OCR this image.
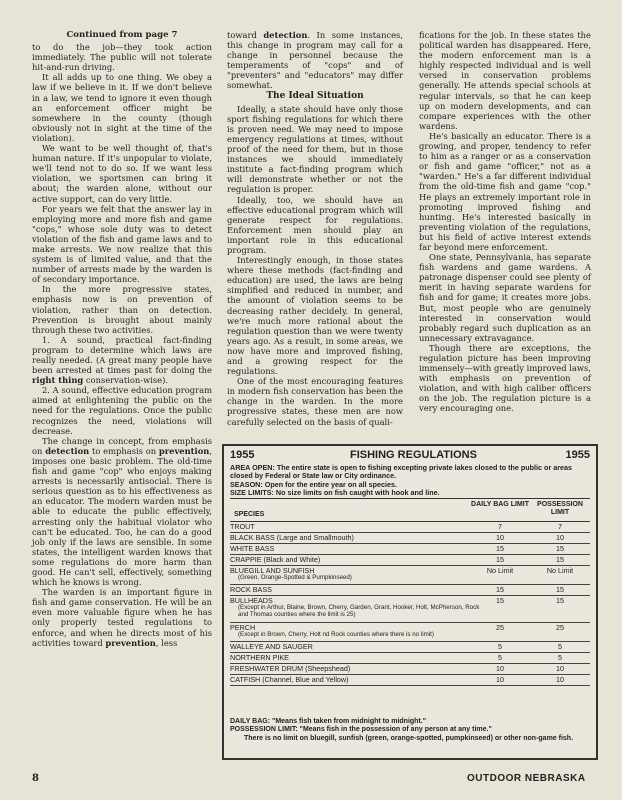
Continued from page 7

to do the job—they took action immediately. The public will not tolerate hit-and-run driving.

It all adds up to one thing. We obey a law if we believe in it. If we don't believe in a law, we tend to ignore it even though an enforcement officer might be somewhere in the county (though obviously not in sight at the time of the violation).

We want to be well thought of, that's human nature. If it's unpopular to violate, we'll tend not to do so. If we want less violation, we sportsmen can bring it about; the warden alone, without our active support, can do very little.

For years we felt that the answer lay in employing more and more fish and game "cops," whose sole duty was to detect violation of the fish and game laws and to make arrests. We now realize that this system is of limited value, and that the number of arrests made by the warden is of secondary importance.

In the more progressive states, emphasis now is on prevention of violation, rather than on detection. Prevention is brought about mainly through these two activities.

1. A sound, practical fact-finding program to determine which laws are really needed. (A great many people have been arrested at times past for doing the right thing conservation-wise).

2. A sound, effective education program aimed at enlightening the public on the need for the regulations. Once the public recognizes the need, violations will decrease.

The change in concept, from emphasis on detection to emphasis on prevention, imposes one basic problem. The old-time fish and game "cop" who enjoys making arrests is necessarily antisocial. There is serious question as to his effectiveness as an educator. The modern warden must be able to educate the public effectively, arresting only the habitual violator who can't be educated. Too, he can do a good job only if the laws are sensible. In some states, the intelligent warden knows that some regulations do more harm than good. He can't sell, effectively, something which he knows is wrong.

The warden is an important figure in fish and game conservation. He will be an even more valuable figure when he has only properly tested regulations to enforce, and when he directs most of his activities toward prevention, less

toward detection. In some instances, this change in program may call for a change in personnel because the temperaments of "cops" and of "preventers" and "educators" may differ somewhat.

The Ideal Situation

Ideally, a state should have only those sport fishing regulations for which there is proven need. We may need to impose emergency regulations at times, without proof of the need for them, but in those instances we should immediately institute a fact-finding program which will demonstrate whether or not the regulation is proper.

Ideally, too, we should have an effective educational program which will generate respect for regulations. Enforcement men should play an important role in this educational program.

Interestingly enough, in those states where these methods (fact-finding and education) are used, the laws are being simplified and reduced in number, and the amount of violation seems to be decreasing rather decidely. In general, we're much more rational about the regulation question than we were twenty years ago. As a result, in some areas, we now have more and improved fishing, and a growing respect for the regulations.

One of the most encouraging features in modern fish conservation has been the change in the warden. In the more progressive states, these men are now carefully selected on the basis of quali-

fications for the job. In these states the political warden has disappeared. Here, the modern enforcement man is a highly respected individual and is well versed in conservation problems generally. He attends special schools at regular intervals, so that he can keep up on modern developments, and can compare experiences with the other wardens.

He's basically an educator. There is a growing, and proper, tendency to refer to him as a ranger or as a conservation or fish and game "officer," not as a "warden." He's a far different individual from the old-time fish and game "cop." He plays an extremely important role in promoting improved fishing and hunting. He's interested basically in preventing violation of the regulations, but his field of active interest extends far beyond mere enforcement.

One state, Pennsylvania, has separate fish wardens and game wardens. A patronage dispenser could see plenty of merit in having separate wardens for fish and for game; it creates more jobs. But, most people who are genuinely interested in conservation would probably regard such duplication as an unnecessary extravagance.

Though there are exceptions, the regulation picture has been improving immensely—with greatly improved laws, with emphasis on prevention of violation, and with high caliber officers on the job. The regulation picture is a very encouraging one.

1955	FISHING REGULATIONS	1955
AREA OPEN: The entire state is open to fishing excepting private lakes closed to the public or areas closed by Federal or State law or City ordinance.
SEASON: Open for the entire year on all species.
SIZE LIMITS: No size limits on fish caught with hook and line.
SPECIES
DAILY BAG LIMIT	POSSESSION LIMIT
TROUT	7	7
BLACK BASS (Large and Smallmouth)	10	10
WHITE BASS	15	15
CRAPPIE (Black and White)	15	15
BLUEGILL AND SUNFISH
(Green, Orange-Spotted & Pumpkinseed)
No Limit	No Limit
ROCK BASS	15	15
BULLHEADS
(Except in Arthur, Blaine, Brown, Cherry, Garden, Grant, Hooker, Holt, McPherson, Rock and Thomas counties where the limit is 25)
15	15
PERCH
(Except in Brown, Cherry, Holt nd Rock counties where there is no limit)
25	25
WALLEYE AND SAUGER	5	5
NORTHERN PIKE	5	5
FRESHWATER DRUM (Sheepshead)	10	10
CATFISH (Channel, Blue and Yellow)	10	10
DAILY BAG: "Means fish taken from midnight to midnight."
POSSESSION LIMIT: "Means fish in the possession of any person at any time."
There is no limit on bluegill, sunfish (green, orange-spotted, pumpkinseed) or other non-game fish.
8	OUTDOOR NEBRASKA
